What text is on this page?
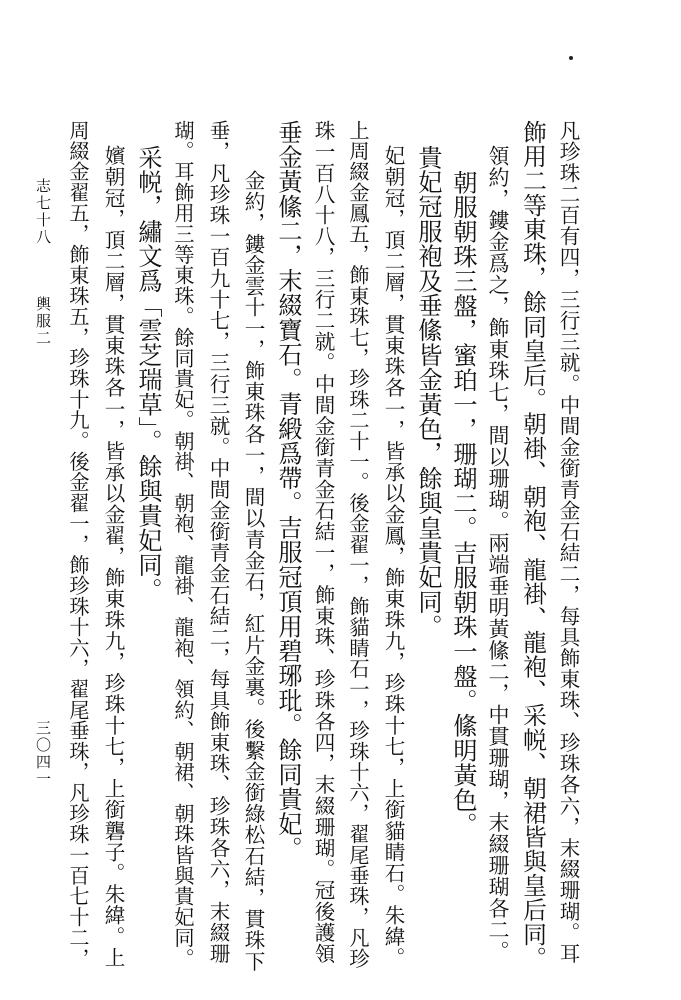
凡珍珠二百有四，三行三就。中間金銜青金石結二，每具飾東珠、珍珠各六，末綴珊瑚。耳
飾用二等東珠，餘同皇后。朝褂、朝袍、龍褂、龍袍、采帨、朝裙皆與皇后同。
領約，鏤金爲之，飾東珠七，間以珊瑚。兩端垂明黃絛二，中貫珊瑚，末綴珊瑚各二。
朝服朝珠三盤，蜜珀一，珊瑚二。吉服朝珠一盤。絛明黃色。
貴妃冠服袍及垂絛皆金黃色，餘與皇貴妃同。
妃朝冠，頂二層，貫東珠各一，皆承以金鳳，飾東珠九，珍珠十七，上銜貓睛石。朱緯。
上周綴金鳳五，飾東珠七，珍珠二十一。後金翟一，飾貓睛石一，珍珠十六，翟尾垂珠，凡珍
珠一百八十八，三行二就。中間金銜青金石結一，飾東珠、珍珠各四，末綴珊瑚。冠後護領
垂金黃絛二，末綴寶石。青緞爲帶。吉服冠頂用碧琊玭。餘同貴妃。
金約，鏤金雲十一，飾東珠各一，間以青金石，紅片金裏。後繫金銜綠松石結，貫珠下
垂，凡珍珠一百九十七，三行三就。中間金銜青金石結二，每具飾東珠、珍珠各六，末綴珊
瑚。耳飾用三等東珠。餘同貴妃。朝褂、朝袍、龍褂、龍袍、領約、朝裙、朝珠皆與貴妃同。
采帨，繡文爲「雲芝瑞草」。餘與貴妃同。
嬪朝冠，頂二層，貫東珠各一，皆承以金翟，飾東珠九，珍珠十七，上銜礱子。朱緯。上
周綴金翟五，飾東珠五，珍珠十九。後金翟一，飾珍珠十六，翟尾垂珠，凡珍珠一百七十二，
志七十八
輿服二
三〇四一
